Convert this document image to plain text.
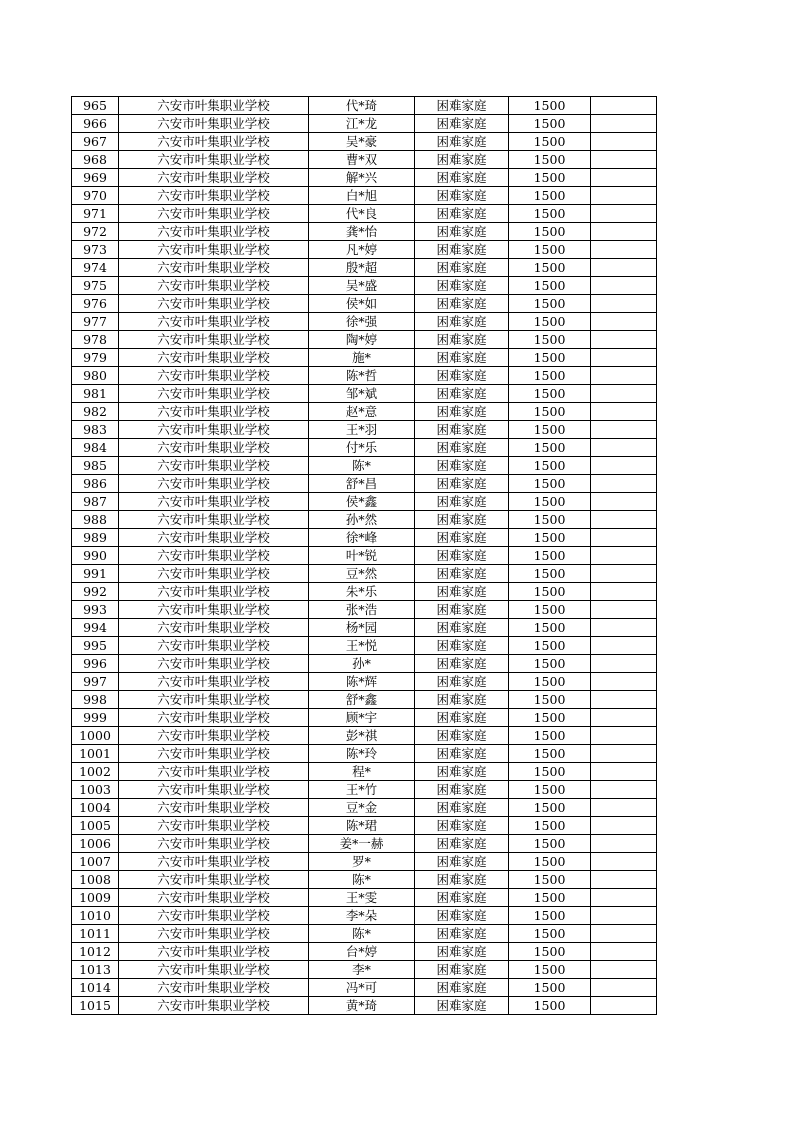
965	六安市叶集职业学校	代*琦	困难家庭	1500	
966	六安市叶集职业学校	江*龙	困难家庭	1500	
967	六安市叶集职业学校	吴*豪	困难家庭	1500	
968	六安市叶集职业学校	曹*双	困难家庭	1500	
969	六安市叶集职业学校	解*兴	困难家庭	1500	
970	六安市叶集职业学校	白*旭	困难家庭	1500	
971	六安市叶集职业学校	代*良	困难家庭	1500	
972	六安市叶集职业学校	龚*怡	困难家庭	1500	
973	六安市叶集职业学校	凡*婷	困难家庭	1500	
974	六安市叶集职业学校	殷*超	困难家庭	1500	
975	六安市叶集职业学校	吴*盛	困难家庭	1500	
976	六安市叶集职业学校	侯*如	困难家庭	1500	
977	六安市叶集职业学校	徐*强	困难家庭	1500	
978	六安市叶集职业学校	陶*婷	困难家庭	1500	
979	六安市叶集职业学校	施*	困难家庭	1500	
980	六安市叶集职业学校	陈*哲	困难家庭	1500	
981	六安市叶集职业学校	邹*斌	困难家庭	1500	
982	六安市叶集职业学校	赵*意	困难家庭	1500	
983	六安市叶集职业学校	王*羽	困难家庭	1500	
984	六安市叶集职业学校	付*乐	困难家庭	1500	
985	六安市叶集职业学校	陈*	困难家庭	1500	
986	六安市叶集职业学校	舒*昌	困难家庭	1500	
987	六安市叶集职业学校	侯*鑫	困难家庭	1500	
988	六安市叶集职业学校	孙*然	困难家庭	1500	
989	六安市叶集职业学校	徐*峰	困难家庭	1500	
990	六安市叶集职业学校	叶*锐	困难家庭	1500	
991	六安市叶集职业学校	豆*然	困难家庭	1500	
992	六安市叶集职业学校	朱*乐	困难家庭	1500	
993	六安市叶集职业学校	张*浩	困难家庭	1500	
994	六安市叶集职业学校	杨*园	困难家庭	1500	
995	六安市叶集职业学校	王*悦	困难家庭	1500	
996	六安市叶集职业学校	孙*	困难家庭	1500	
997	六安市叶集职业学校	陈*辉	困难家庭	1500	
998	六安市叶集职业学校	舒*鑫	困难家庭	1500	
999	六安市叶集职业学校	顾*宇	困难家庭	1500	
1000	六安市叶集职业学校	彭*祺	困难家庭	1500	
1001	六安市叶集职业学校	陈*玲	困难家庭	1500	
1002	六安市叶集职业学校	程*	困难家庭	1500	
1003	六安市叶集职业学校	王*竹	困难家庭	1500	
1004	六安市叶集职业学校	豆*金	困难家庭	1500	
1005	六安市叶集职业学校	陈*珺	困难家庭	1500	
1006	六安市叶集职业学校	姜*一赫	困难家庭	1500	
1007	六安市叶集职业学校	罗*	困难家庭	1500	
1008	六安市叶集职业学校	陈*	困难家庭	1500	
1009	六安市叶集职业学校	王*雯	困难家庭	1500	
1010	六安市叶集职业学校	李*朵	困难家庭	1500	
1011	六安市叶集职业学校	陈*	困难家庭	1500	
1012	六安市叶集职业学校	台*婷	困难家庭	1500	
1013	六安市叶集职业学校	李*	困难家庭	1500	
1014	六安市叶集职业学校	冯*可	困难家庭	1500	
1015	六安市叶集职业学校	黄*琦	困难家庭	1500	
